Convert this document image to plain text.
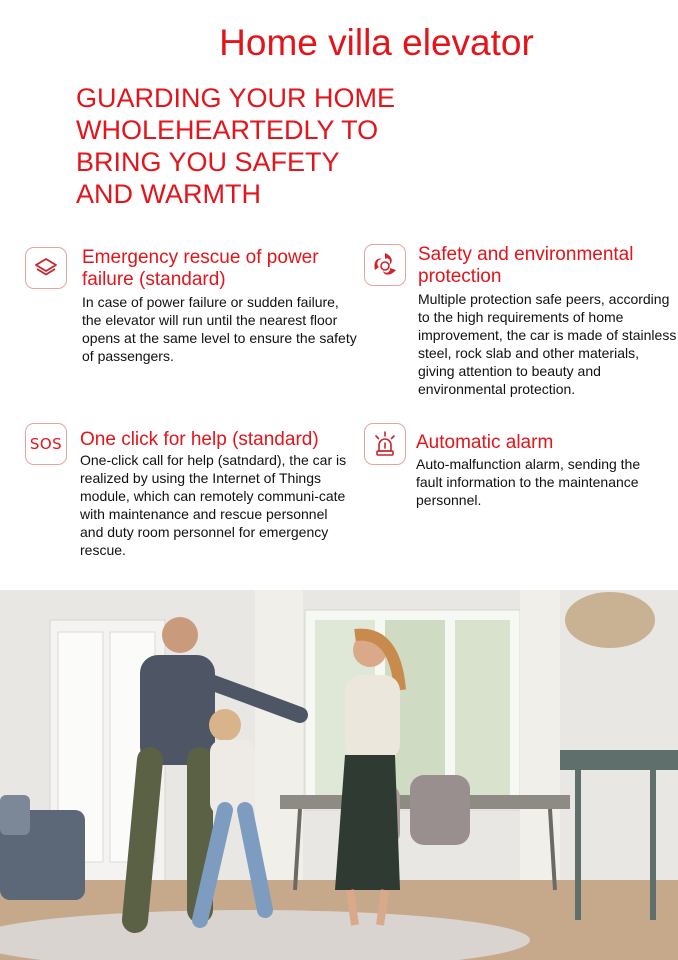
Home villa elevator
GUARDING YOUR HOME
WHOLEHEARTEDLY TO
BRING YOU SAFETY
AND WARMTH
Emergency rescue of power failure (standard)

In case of power failure or sudden failure, the elevator will run until the nearest floor opens at the same level to ensure the safety of passengers.

Safety and environmental protection

Multiple protection safe peers, according to the high requirements of home improvement, the car is made of stainless steel, rock slab and other materials, giving attention to beauty and environmental protection.

SOS One click for help (standard)

One-click call for help (satndard), the car is realized by using the Internet of Things module, which can remotely communi-cate with maintenance and rescue personnel and duty room personnel for emergency rescue.

Automatic alarm

Auto-malfunction alarm, sending the fault information to the maintenance personnel.
